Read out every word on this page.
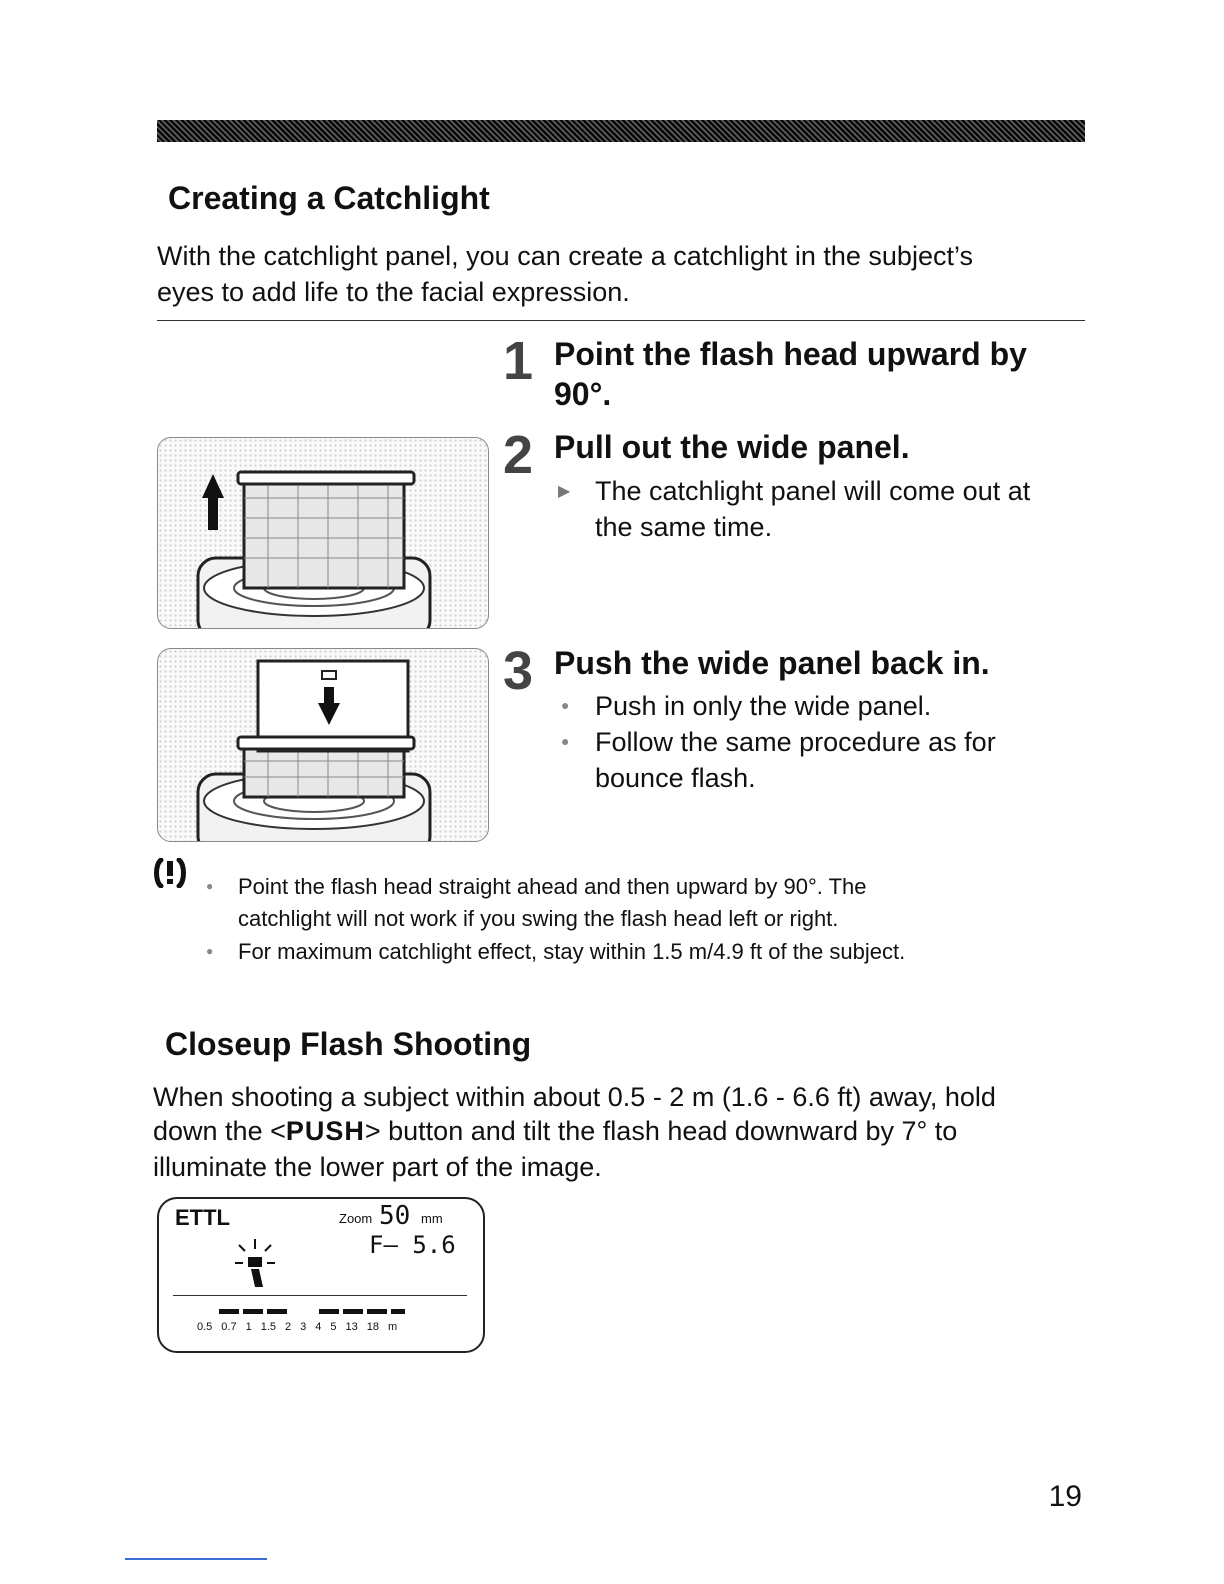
Creating a Catchlight

With the catchlight panel, you can create a catchlight in the subject’s

eyes to add life to the facial expression.

1 Point the flash head upward by

90°.

2 Pull out the wide panel.

▶ The catchlight panel will come out at
the same time.
3 Push the wide panel back in.

● Push in only the wide panel.
● Follow the same procedure as for
bounce flash.
● Point the flash head straight ahead and then upward by 90°. The
catchlight will not work if you swing the flash head left or right.
● For maximum catchlight effect, stay within 1.5 m/4.9 ft of the subject.
Closeup Flash Shooting

When shooting a subject within about 0.5 - 2 m (1.6 - 6.6 ft) away, hold

down the <PUSH> button and tilt the flash head downward by 7° to

illuminate the lower part of the image.

ETTL	Zoom 50 mm
F– 5.6
0.5 0.7 1 1.5 2 3 4 5 13 18 m
19
